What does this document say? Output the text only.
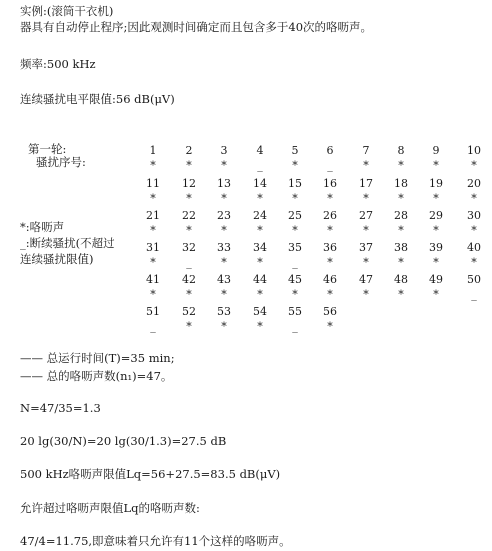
实例:(滚筒干衣机)
器具有自动停止程序;因此观测时间确定而且包含多于40次的咯呖声。
频率:500 kHz
连续骚扰电平限值:56 dB(μV)
第一轮:
骚扰序号:
*:咯呖声
_:断续骚扰(不超过
连续骚扰限值)
1
*
2
*
3
*
4
_
5
*
6
_
7
*
8
*
9
*
10
*
11
*
12
*
13
*
14
*
15
*
16
*
17
*
18
*
19
*
20
*
21
*
22
*
23
*
24
*
25
*
26
*
27
*
28
*
29
*
30
*
31
*
32
_
33
*
34
*
35
_
36
*
37
*
38
*
39
*
40
*
41
*
42
*
43
*
44
*
45
*
46
*
47
*
48
*
49
*
50
_
51
_
52
*
53
*
54
*
55
_
56
*
—— 总运行时间(T)=35 min;
—— 总的咯呖声数(n₁)=47。
N=47/35=1.3
20 lg(30/N)=20 lg(30/1.3)=27.5 dB
500 kHz咯呖声限值Lq=56+27.5=83.5 dB(μV)
允许超过咯呖声限值Lq的咯呖声数:
47/4=11.75,即意味着只允许有11个这样的咯呖声。
